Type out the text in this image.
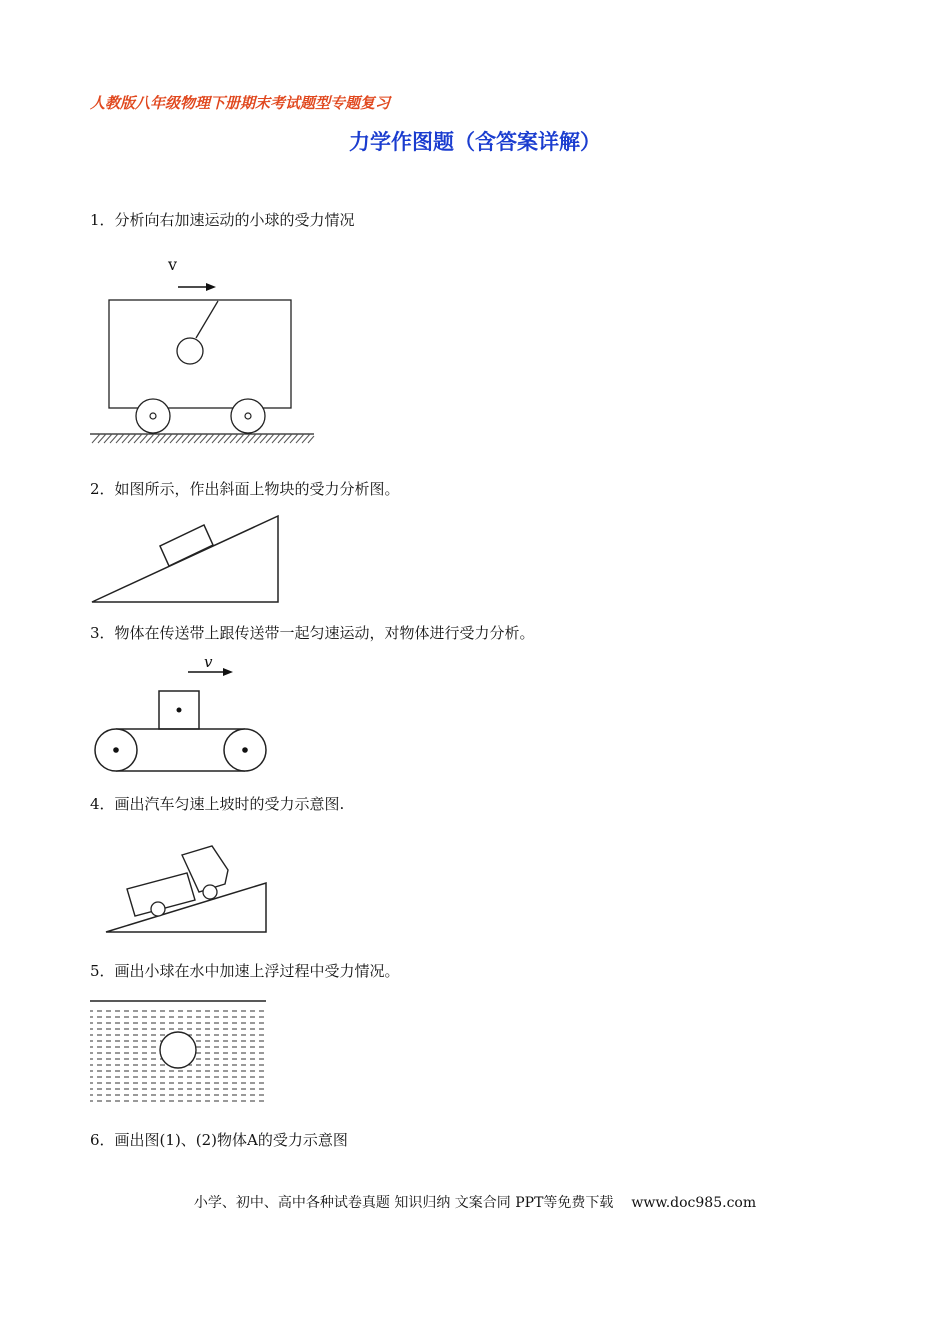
人教版八年级物理下册期末考试题型专题复习
力学作图题（含答案详解）
1．分析向右加速运动的小球的受力情况
v
2．如图所示，作出斜面上物块的受力分析图。
3．物体在传送带上跟传送带一起匀速运动，对物体进行受力分析。
v
4．画出汽车匀速上坡时的受力示意图.
5．画出小球在水中加速上浮过程中受力情况。
6．画出图(1)、(2)物体A的受力示意图
小学、初中、高中各种试卷真题 知识归纳 文案合同 PPT等免费下载 www.doc985.com
